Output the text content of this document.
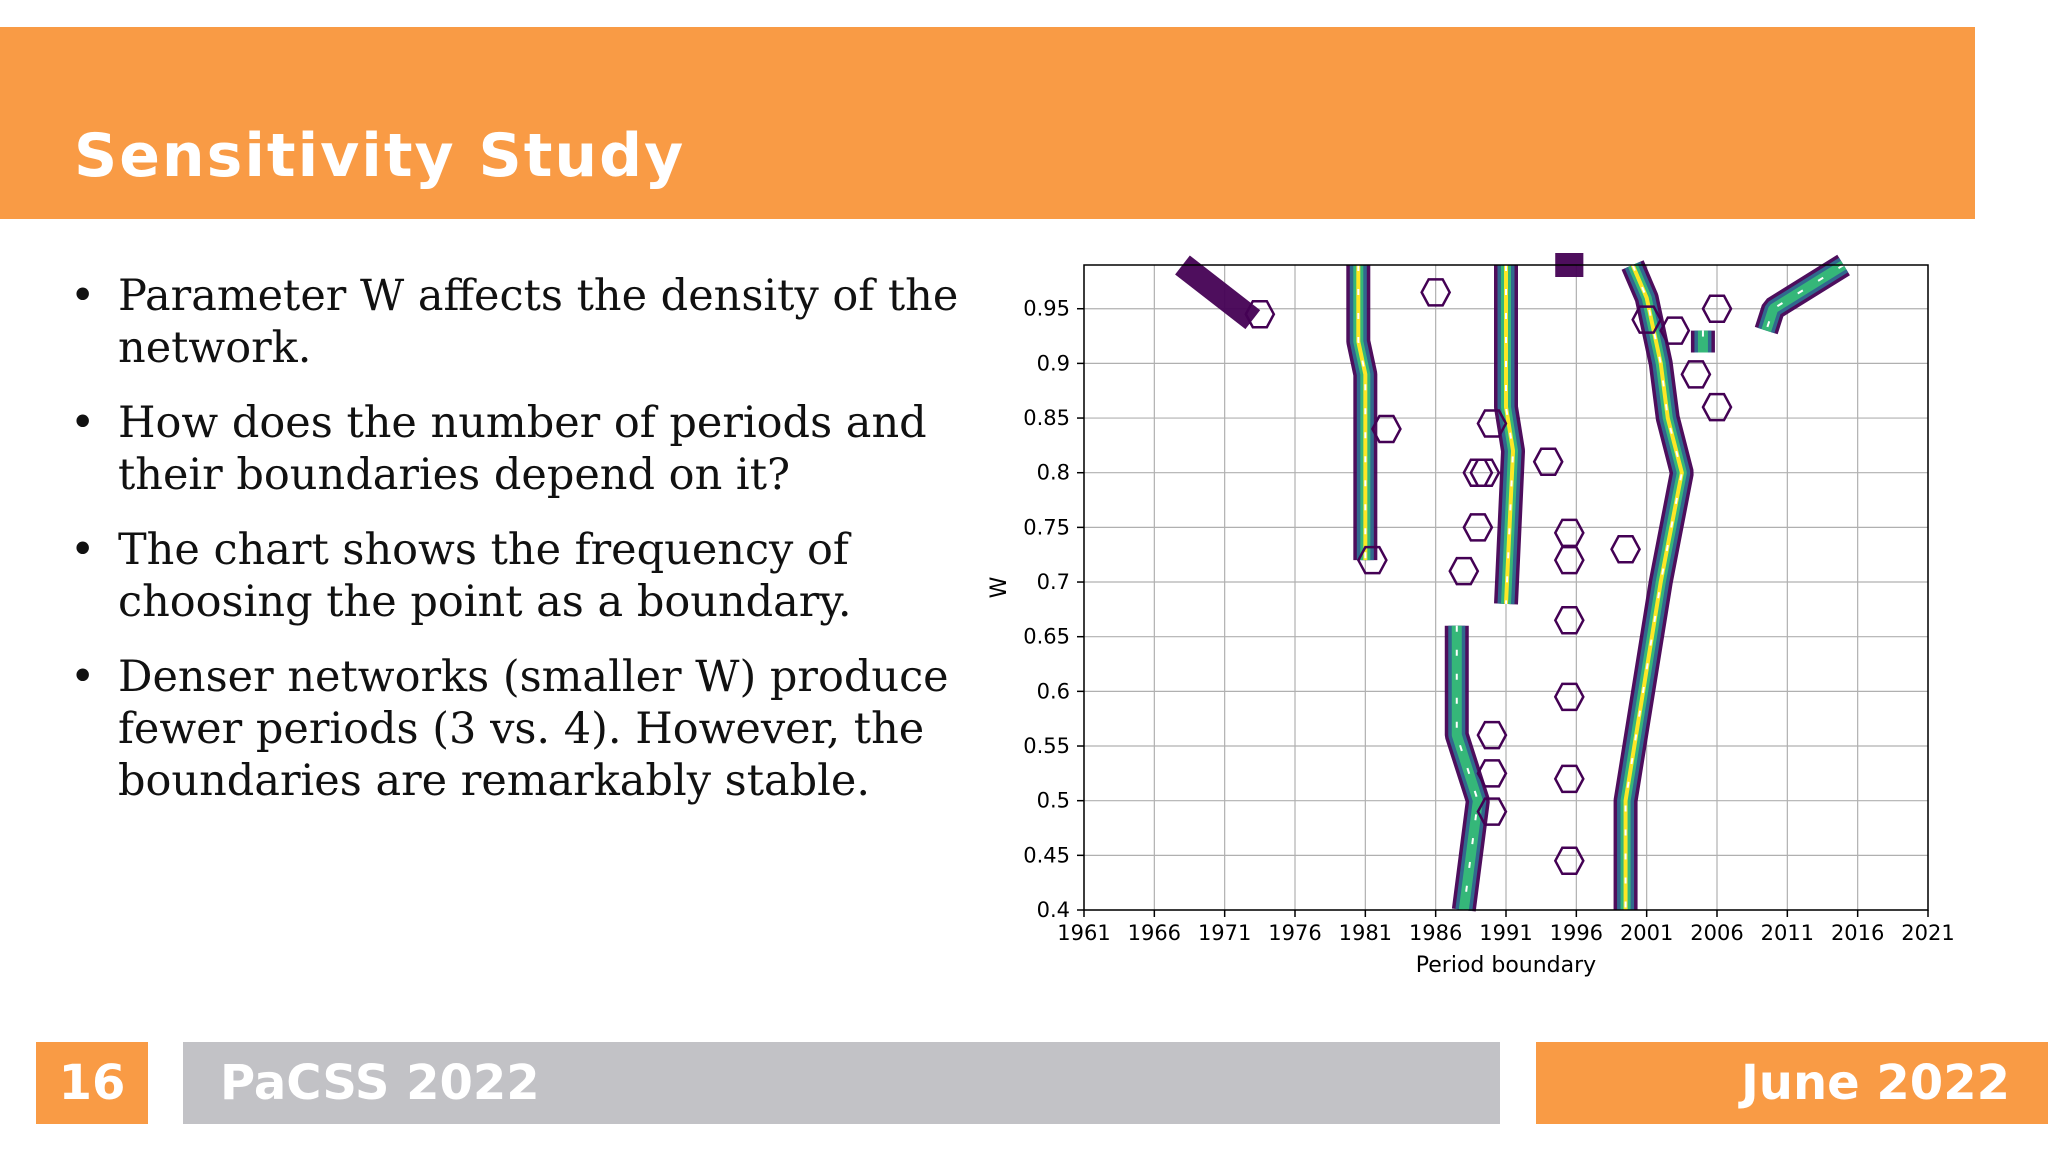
Sensitivity Study
• Parameter W affects the density of the
network.
• How does the number of periods and
their boundaries depend on it?
• The chart shows the frequency of
choosing the point as a boundary.
• Denser networks (smaller W) produce
fewer periods (3 vs. 4). However, the
boundaries are remarkably stable.
1961 1966 1971 1976 1981 1986 1991 1996 2001 2006 2011 2016 2021
0.4
0.45
0.5
0.55
0.6
0.65
0.7
0.75
0.8
0.85
0.9
0.95
Period boundary
W
16	PaCSS 2022	June 2022
